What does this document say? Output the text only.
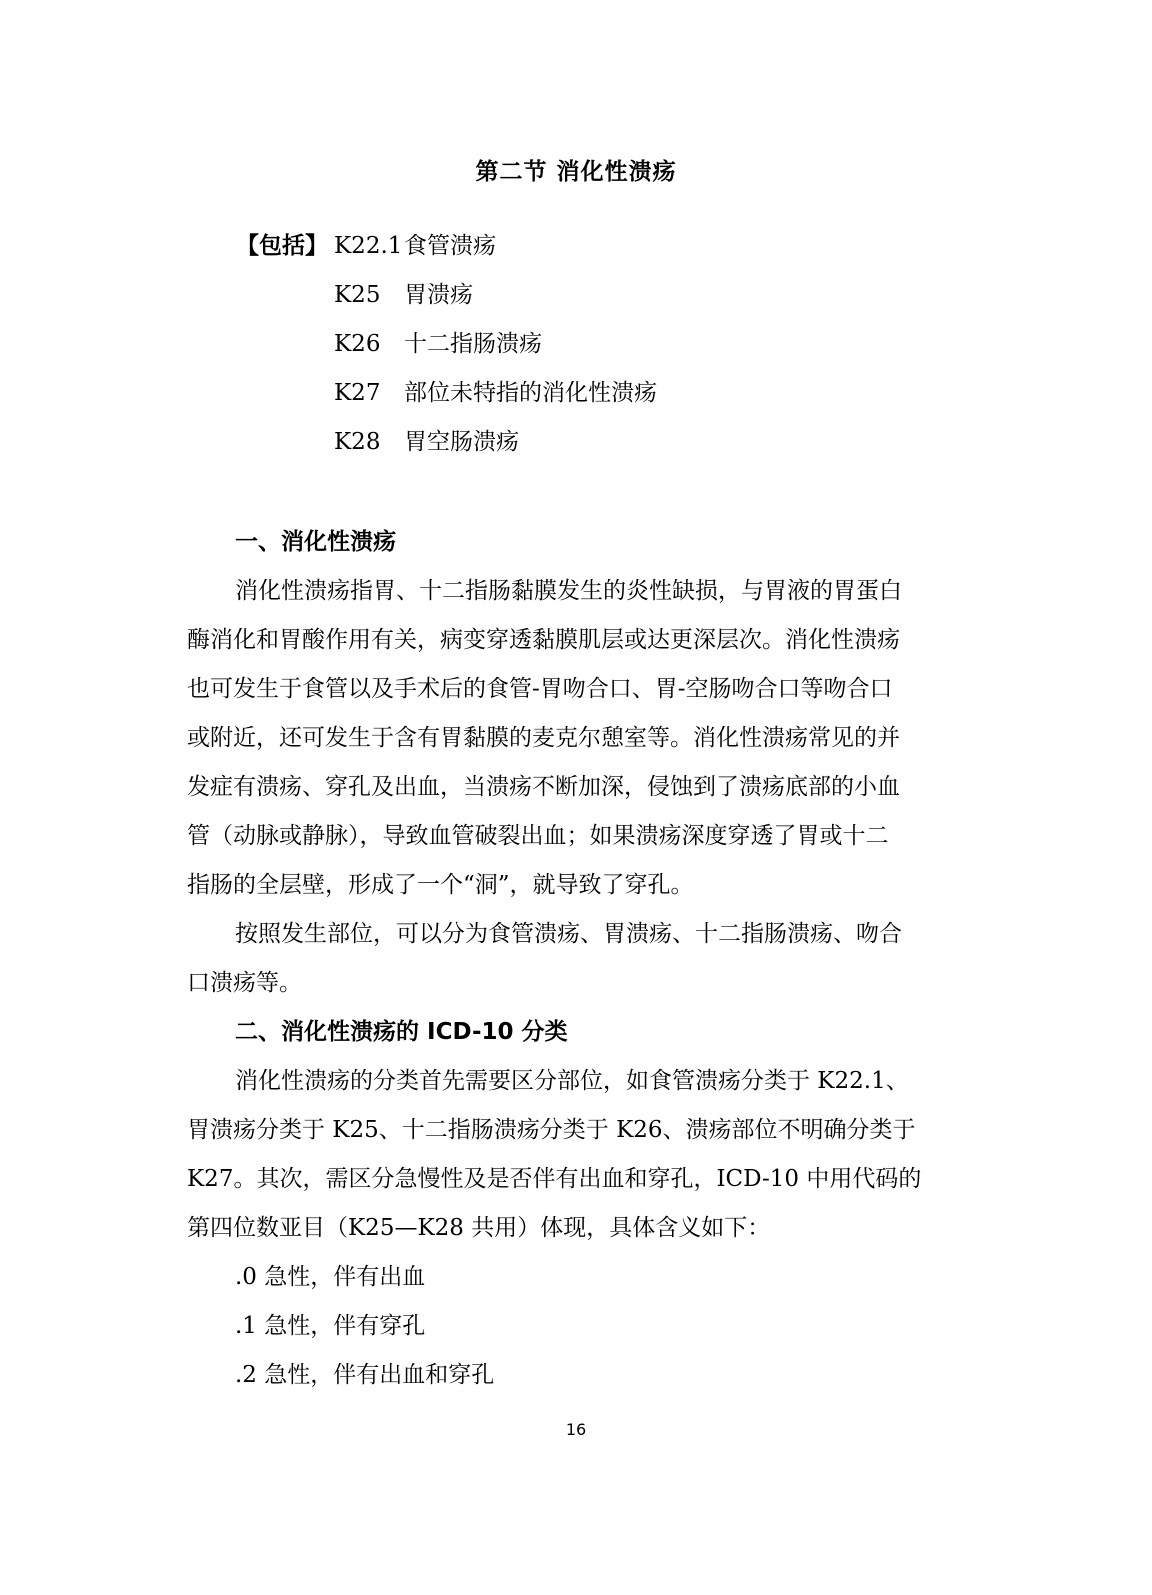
第二节 消化性溃疡
【包括】 K22.1 食管溃疡
K25	胃溃疡
K26	十二指肠溃疡
K27	部位未特指的消化性溃疡
K28	胃空肠溃疡
一、消化性溃疡
消化性溃疡指胃、十二指肠黏膜发生的炎性缺损，与胃液的胃蛋白
酶消化和胃酸作用有关，病变穿透黏膜肌层或达更深层次。消化性溃疡
也可发生于食管以及手术后的食管-胃吻合口、胃-空肠吻合口等吻合口
或附近，还可发生于含有胃黏膜的麦克尔憩室等。消化性溃疡常见的并
发症有溃疡、穿孔及出血，当溃疡不断加深，侵蚀到了溃疡底部的小血
管（动脉或静脉），导致血管破裂出血；如果溃疡深度穿透了胃或十二
指肠的全层壁，形成了一个“洞”，就导致了穿孔。
按照发生部位，可以分为食管溃疡、胃溃疡、十二指肠溃疡、吻合
口溃疡等。
二、消化性溃疡的 ICD-10 分类
消化性溃疡的分类首先需要区分部位，如食管溃疡分类于 K22.1、
胃溃疡分类于 K25、十二指肠溃疡分类于 K26、溃疡部位不明确分类于
K27。其次，需区分急慢性及是否伴有出血和穿孔，ICD-10 中用代码的
第四位数亚目（K25—K28 共用）体现，具体含义如下：
.0 急性，伴有出血
.1 急性，伴有穿孔
.2 急性，伴有出血和穿孔
16
